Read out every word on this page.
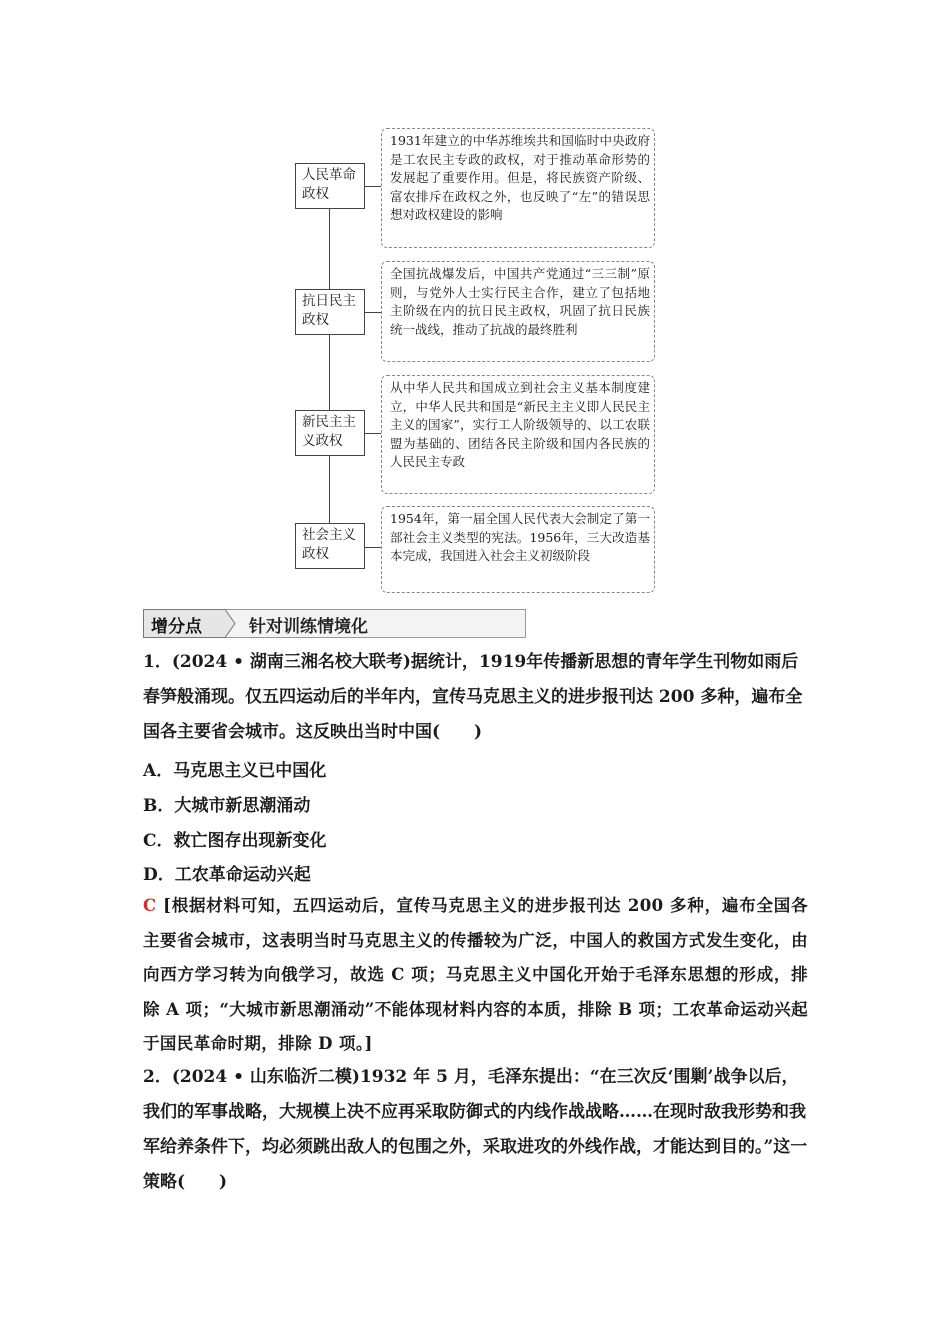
人民革命政权
1931年建立的中华苏维埃共和国临时中央政府是工农民主专政的政权，对于推动革命形势的发展起了重要作用。但是，将民族资产阶级、富农排斥在政权之外，也反映了“左”的错误思想对政权建设的影响
抗日民主政权
全国抗战爆发后，中国共产党通过“三三制”原则，与党外人士实行民主合作，建立了包括地主阶级在内的抗日民主政权，巩固了抗日民族统一战线，推动了抗战的最终胜利
新民主主义政权
从中华人民共和国成立到社会主义基本制度建立，中华人民共和国是“新民主主义即人民民主主义的国家”，实行工人阶级领导的、以工农联盟为基础的、团结各民主阶级和国内各民族的人民民主专政
社会主义政权
1954年，第一届全国人民代表大会制定了第一部社会主义类型的宪法。1956年，三大改造基本完成，我国进入社会主义初级阶段
增分点	针对训练情境化
1．(2024 • 湖南三湘名校大联考)据统计，1919年传播新思想的青年学生刊物如雨后春笋般涌现。仅五四运动后的半年内，宣传马克思主义的进步报刊达 200 多种，遍布全国各主要省会城市。这反映出当时中国(　　)
A．马克思主义已中国化
B．大城市新思潮涌动
C．救亡图存出现新变化
D．工农革命运动兴起
C [根据材料可知，五四运动后，宣传马克思主义的进步报刊达 200 多种，遍布全国各主要省会城市，这表明当时马克思主义的传播较为广泛，中国人的救国方式发生变化，由向西方学习转为向俄学习，故选 C 项；马克思主义中国化开始于毛泽东思想的形成，排除 A 项；“大城市新思潮涌动”不能体现材料内容的本质，排除 B 项；工农革命运动兴起于国民革命时期，排除 D 项。]
2．(2024 • 山东临沂二模)1932 年 5 月，毛泽东提出：“在三次反‘围剿’战争以后，我们的军事战略，大规模上决不应再采取防御式的内线作战战略……在现时敌我形势和我军给养条件下，均必须跳出敌人的包围之外，采取进攻的外线作战，才能达到目的。”这一策略(　　)
